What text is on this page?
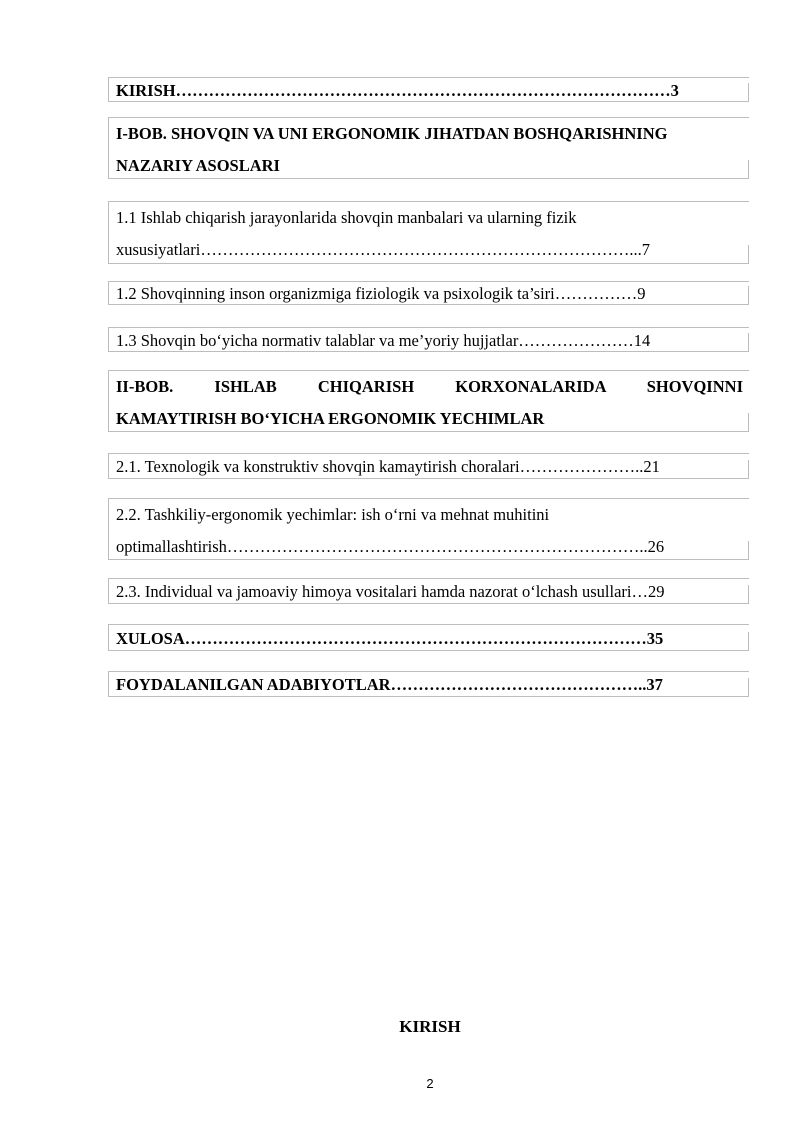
KIRISH………………………………………………………………………………3
I-BOB. SHOVQIN VA UNI ERGONOMIK JIHATDAN BOSHQARISHNING
NAZARIY ASOSLARI
1.1 Ishlab chiqarish jarayonlarida shovqin manbalari va ularning fizik
xususiyatlari……………………………………………………………………...7
1.2 Shovqinning inson organizmiga fiziologik va psixologik ta’siri……………9
1.3 Shovqin bo‘yicha normativ talablar va me’yoriy hujjatlar…………………14
II-BOB. ISHLAB CHIQARISH KORXONALARIDA SHOVQINNI
KAMAYTIRISH BO‘YICHA ERGONOMIK YECHIMLAR
2.1. Texnologik va konstruktiv shovqin kamaytirish choralari…………………..21
2.2. Tashkiliy-ergonomik yechimlar: ish o‘rni va mehnat muhitini
optimallashtirish…………………………………………………………………..26
2.3. Individual va jamoaviy himoya vositalari hamda nazorat o‘lchash usullari…29
XULOSA…………………………………………………………………………35
FOYDALANILGAN ADABIYOTLAR………………………………………..37
KIRISH
2
